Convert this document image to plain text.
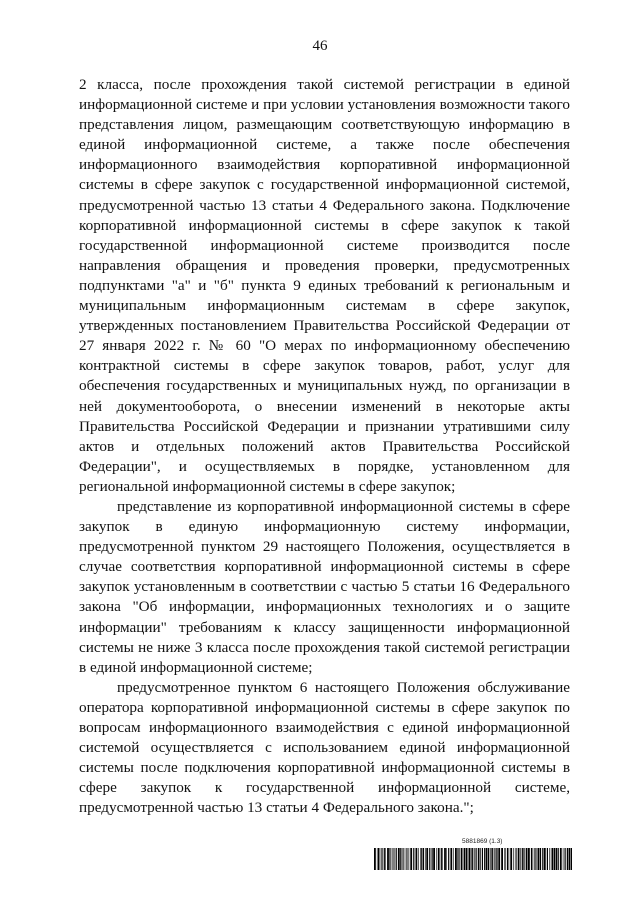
46

2 класса, после прохождения такой системой регистрации в единой информационной системе и при условии установления возможности такого представления лицом, размещающим соответствующую информацию в единой информационной системе, а также после обеспечения информационного взаимодействия корпоративной информационной системы в сфере закупок с государственной информационной системой, предусмотренной частью 13 статьи 4 Федерального закона. Подключение корпоративной информационной системы в сфере закупок к такой государственной информационной системе производится после направления обращения и проведения проверки, предусмотренных подпунктами "а" и "б" пункта 9 единых требований к региональным и муниципальным информационным системам в сфере закупок, утвержденных постановлением Правительства Российской Федерации от 27 января 2022 г. № 60 "О мерах по информационному обеспечению контрактной системы в сфере закупок товаров, работ, услуг для обеспечения государственных и муниципальных нужд, по организации в ней документооборота, о внесении изменений в некоторые акты Правительства Российской Федерации и признании утратившими силу актов и отдельных положений актов Правительства Российской Федерации", и осуществляемых в порядке, установленном для региональной информационной системы в сфере закупок;

представление из корпоративной информационной системы в сфере закупок в единую информационную систему информации, предусмотренной пунктом 29 настоящего Положения, осуществляется в случае соответствия корпоративной информационной системы в сфере закупок установленным в соответствии с частью 5 статьи 16 Федерального закона "Об информации, информационных технологиях и о защите информации" требованиям к классу защищенности информационной системы не ниже 3 класса после прохождения такой системой регистрации в единой информационной системе;

предусмотренное пунктом 6 настоящего Положения обслуживание оператора корпоративной информационной системы в сфере закупок по вопросам информационного взаимодействия с единой информационной системой осуществляется с использованием единой информационной системы после подключения корпоративной информационной системы в сфере закупок к государственной информационной системе, предусмотренной частью 13 статьи 4 Федерального закона.";

5881869 (1.3)
